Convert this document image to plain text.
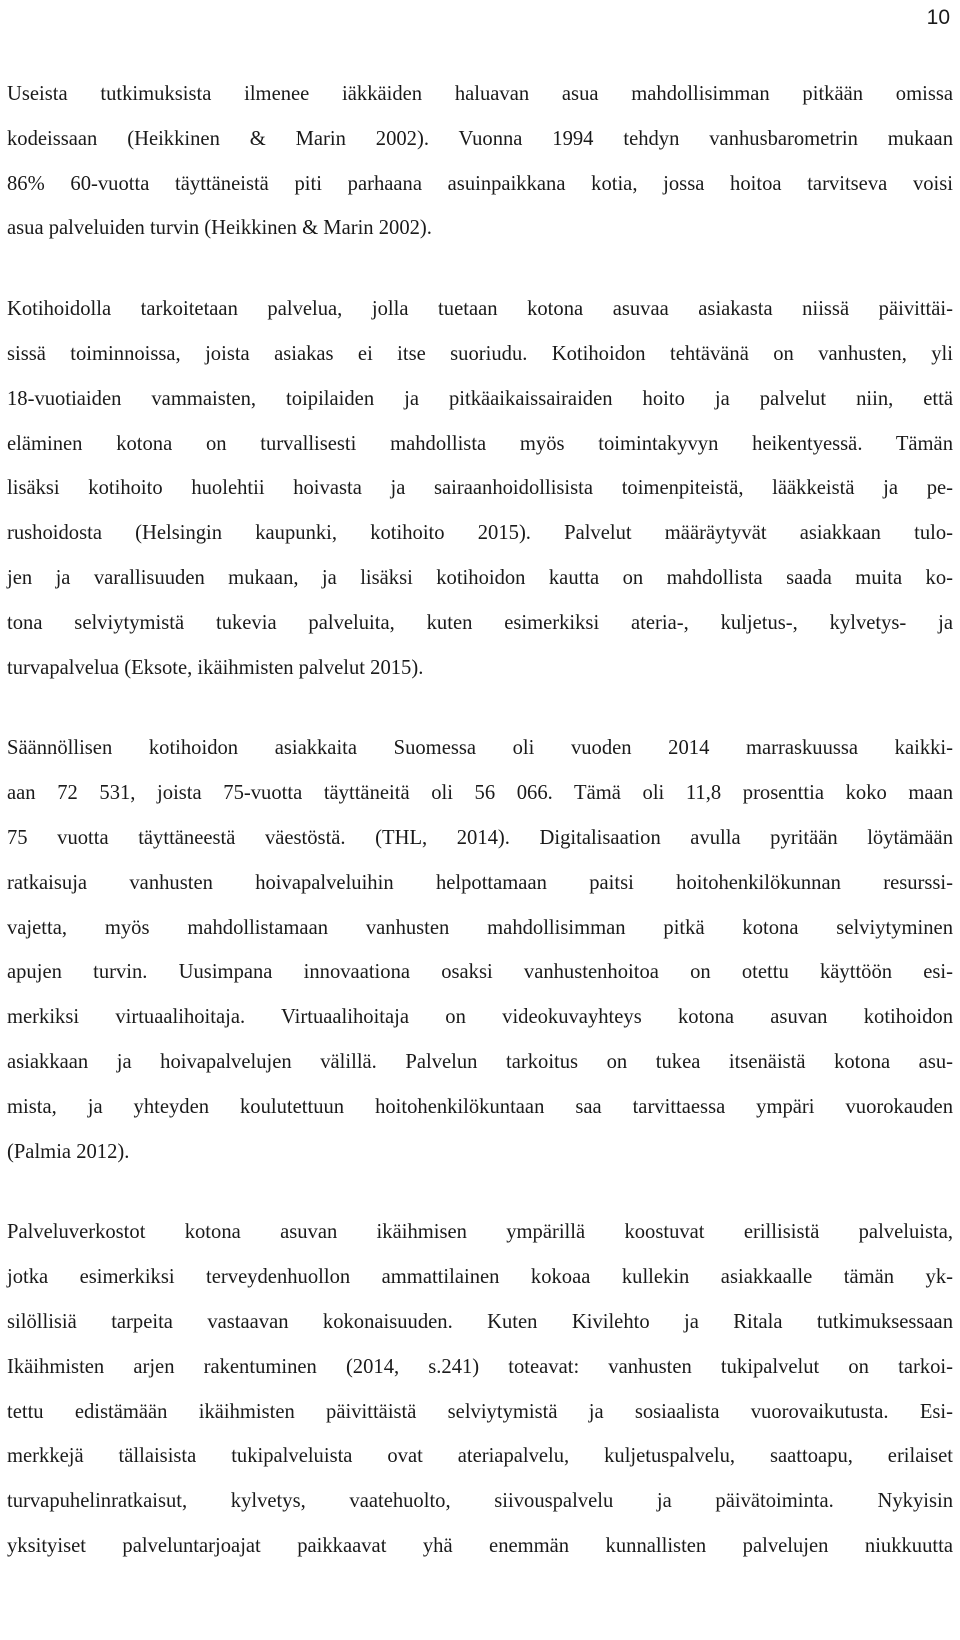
10

Useista tutkimuksista ilmenee iäkkäiden haluavan asua mahdollisimman pitkään omissa
kodeissaan (Heikkinen & Marin 2002). Vuonna 1994 tehdyn vanhusbarometrin mukaan
86% 60-vuotta täyttäneistä piti parhaana asuinpaikkana kotia, jossa hoitoa tarvitseva voisi
asua palveluiden turvin (Heikkinen & Marin 2002).

Kotihoidolla tarkoitetaan palvelua, jolla tuetaan kotona asuvaa asiakasta niissä päivittäi-
sissä toiminnoissa, joista asiakas ei itse suoriudu. Kotihoidon tehtävänä on vanhusten, yli
18-vuotiaiden vammaisten, toipilaiden ja pitkäaikaissairaiden hoito ja palvelut niin, että
eläminen kotona on turvallisesti mahdollista myös toimintakyvyn heikentyessä. Tämän
lisäksi kotihoito huolehtii hoivasta ja sairaanhoidollisista toimenpiteistä, lääkkeistä ja pe-
rushoidosta (Helsingin kaupunki, kotihoito 2015). Palvelut määräytyvät asiakkaan tulo-
jen ja varallisuuden mukaan, ja lisäksi kotihoidon kautta on mahdollista saada muita ko-
tona selviytymistä tukevia palveluita, kuten esimerkiksi ateria-, kuljetus-, kylvetys- ja
turvapalvelua (Eksote, ikäihmisten palvelut 2015).

Säännöllisen kotihoidon asiakkaita Suomessa oli vuoden 2014 marraskuussa kaikki-
aan 72 531, joista 75-vuotta täyttäneitä oli 56 066. Tämä oli 11,8 prosenttia koko maan
75 vuotta täyttäneestä väestöstä. (THL, 2014). Digitalisaation avulla pyritään löytämään
ratkaisuja vanhusten hoivapalveluihin helpottamaan paitsi hoitohenkilökunnan resurssi-
vajetta, myös mahdollistamaan vanhusten mahdollisimman pitkä kotona selviytyminen
apujen turvin. Uusimpana innovaationa osaksi vanhustenhoitoa on otettu käyttöön esi-
merkiksi virtuaalihoitaja. Virtuaalihoitaja on videokuvayhteys kotona asuvan kotihoidon
asiakkaan ja hoivapalvelujen välillä. Palvelun tarkoitus on tukea itsenäistä kotona asu-
mista, ja yhteyden koulutettuun hoitohenkilökuntaan saa tarvittaessa ympäri vuorokauden
(Palmia 2012).

Palveluverkostot kotona asuvan ikäihmisen ympärillä koostuvat erillisistä palveluista,
jotka esimerkiksi terveydenhuollon ammattilainen kokoaa kullekin asiakkaalle tämän yk-
silöllisiä tarpeita vastaavan kokonaisuuden. Kuten Kivilehto ja Ritala tutkimuksessaan
Ikäihmisten arjen rakentuminen (2014, s.241) toteavat: vanhusten tukipalvelut on tarkoi-
tettu edistämään ikäihmisten päivittäistä selviytymistä ja sosiaalista vuorovaikutusta. Esi-
merkkejä tällaisista tukipalveluista ovat ateriapalvelu, kuljetuspalvelu, saattoapu, erilaiset
turvapuhelinratkaisut, kylvetys, vaatehuolto, siivouspalvelu ja päivätoiminta. Nykyisin
yksityiset palveluntarjoajat paikkaavat yhä enemmän kunnallisten palvelujen niukkuutta
